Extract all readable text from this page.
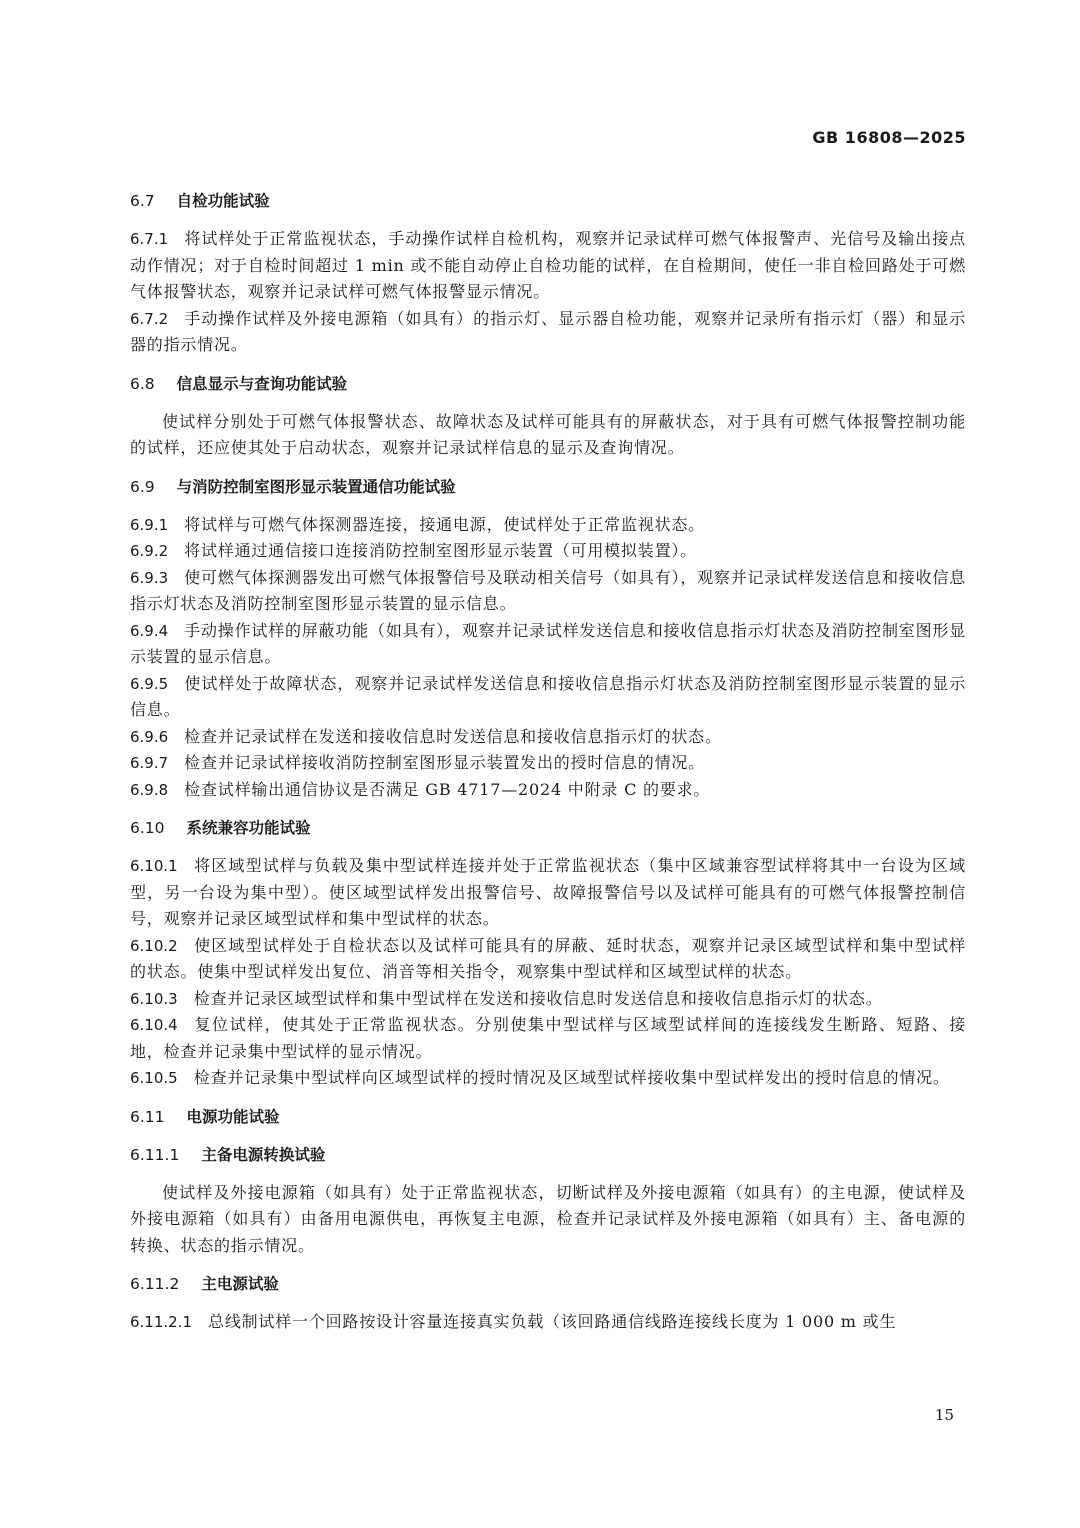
GB 16808—2025
6.7 自检功能试验

6.7.1 将试样处于正常监视状态，手动操作试样自检机构，观察并记录试样可燃气体报警声、光信号及输出接点动作情况；对于自检时间超过 1 min 或不能自动停止自检功能的试样，在自检期间，使任一非自检回路处于可燃气体报警状态，观察并记录试样可燃气体报警显示情况。

6.7.2 手动操作试样及外接电源箱（如具有）的指示灯、显示器自检功能，观察并记录所有指示灯（器）和显示器的指示情况。

6.8 信息显示与查询功能试验

使试样分别处于可燃气体报警状态、故障状态及试样可能具有的屏蔽状态，对于具有可燃气体报警控制功能的试样，还应使其处于启动状态，观察并记录试样信息的显示及查询情况。

6.9 与消防控制室图形显示装置通信功能试验

6.9.1 将试样与可燃气体探测器连接，接通电源，使试样处于正常监视状态。

6.9.2 将试样通过通信接口连接消防控制室图形显示装置（可用模拟装置）。

6.9.3 使可燃气体探测器发出可燃气体报警信号及联动相关信号（如具有），观察并记录试样发送信息和接收信息指示灯状态及消防控制室图形显示装置的显示信息。

6.9.4 手动操作试样的屏蔽功能（如具有），观察并记录试样发送信息和接收信息指示灯状态及消防控制室图形显示装置的显示信息。

6.9.5 使试样处于故障状态，观察并记录试样发送信息和接收信息指示灯状态及消防控制室图形显示装置的显示信息。

6.9.6 检查并记录试样在发送和接收信息时发送信息和接收信息指示灯的状态。

6.9.7 检查并记录试样接收消防控制室图形显示装置发出的授时信息的情况。

6.9.8 检查试样输出通信协议是否满足 GB 4717—2024 中附录 C 的要求。

6.10 系统兼容功能试验

6.10.1 将区域型试样与负载及集中型试样连接并处于正常监视状态（集中区域兼容型试样将其中一台设为区域型，另一台设为集中型）。使区域型试样发出报警信号、故障报警信号以及试样可能具有的可燃气体报警控制信号，观察并记录区域型试样和集中型试样的状态。

6.10.2 使区域型试样处于自检状态以及试样可能具有的屏蔽、延时状态，观察并记录区域型试样和集中型试样的状态。使集中型试样发出复位、消音等相关指令，观察集中型试样和区域型试样的状态。

6.10.3 检查并记录区域型试样和集中型试样在发送和接收信息时发送信息和接收信息指示灯的状态。

6.10.4 复位试样，使其处于正常监视状态。分别使集中型试样与区域型试样间的连接线发生断路、短路、接地，检查并记录集中型试样的显示情况。

6.10.5 检查并记录集中型试样向区域型试样的授时情况及区域型试样接收集中型试样发出的授时信息的情况。

6.11 电源功能试验
6.11.1 主备电源转换试验

使试样及外接电源箱（如具有）处于正常监视状态，切断试样及外接电源箱（如具有）的主电源，使试样及外接电源箱（如具有）由备用电源供电，再恢复主电源，检查并记录试样及外接电源箱（如具有）主、备电源的转换、状态的指示情况。

6.11.2 主电源试验

6.11.2.1 总线制试样一个回路按设计容量连接真实负载（该回路通信线路连接线长度为 1 000 m 或生

15
